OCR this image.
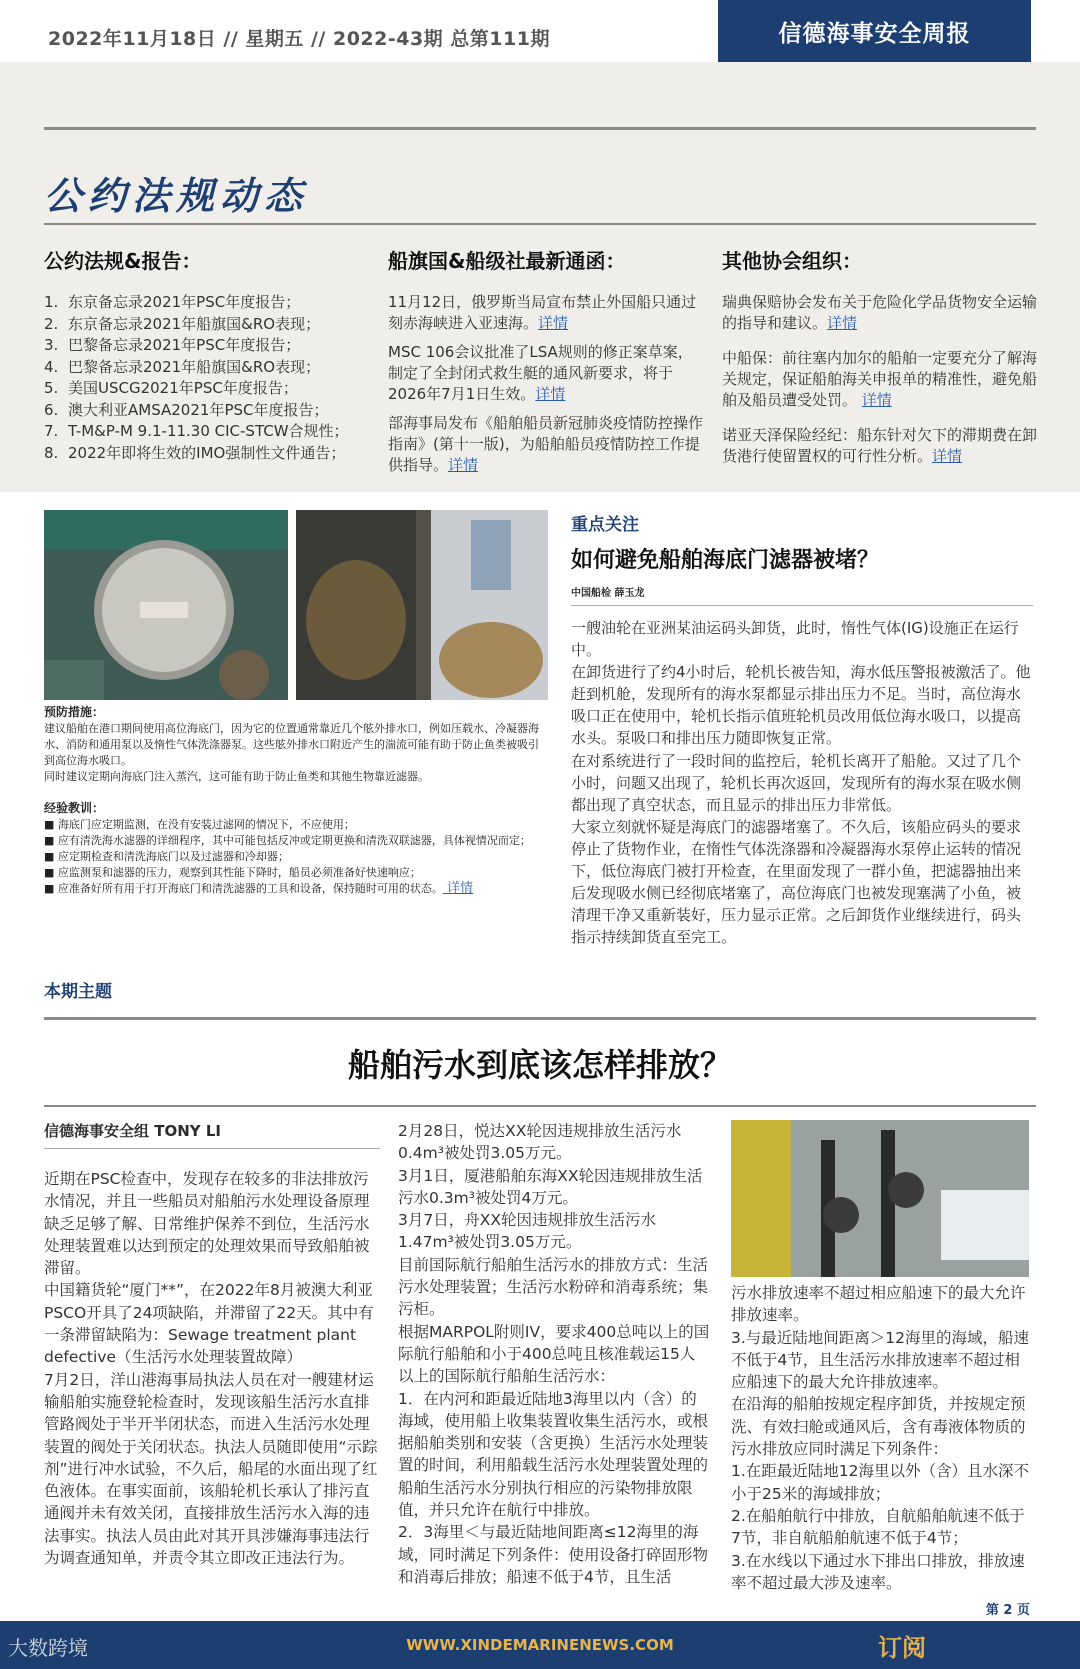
2022年11月18日 // 星期五 // 2022-43期 总第111期	信德海事安全周报
公约法规动态
公约法规&报告：
1. 东京备忘录2021年PSC年度报告；
2. 东京备忘录2021年船旗国&RO表现；
3. 巴黎备忘录2021年PSC年度报告；
4. 巴黎备忘录2021年船旗国&RO表现；
5. 美国USCG2021年PSC年度报告；
6. 澳大利亚AMSA2021年PSC年度报告；
7. T-M&P-M 9.1-11.30 CIC-STCW合规性；
8. 2022年即将生效的IMO强制性文件通告；
船旗国&船级社最新通函：
11月12日，俄罗斯当局宣布禁止外国船只通过刻赤海峡进入亚速海。详情
MSC 106会议批准了LSA规则的修正案草案，制定了全封闭式救生艇的通风新要求，将于2026年7月1日生效。详情
部海事局发布《船舶船员新冠肺炎疫情防控操作指南》(第十一版)，为船舶船员疫情防控工作提供指导。详情
其他协会组织：
瑞典保赔协会发布关于危险化学品货物安全运输的指导和建议。详情
中船保：前往塞内加尔的船舶一定要充分了解海关规定，保证船舶海关申报单的精准性，避免船舶及船员遭受处罚。 详情
诺亚天泽保险经纪：船东针对欠下的滞期费在卸货港行使留置权的可行性分析。详情
预防措施：
建议船舶在港口期间使用高位海底门，因为它的位置通常靠近几个舷外排水口，例如压载水、冷凝器海水、消防和通用泵以及惰性气体洗涤器泵。这些舷外排水口附近产生的湍流可能有助于防止鱼类被吸引到高位海水吸口。
同时建议定期向海底门注入蒸汽，这可能有助于防止鱼类和其他生物靠近滤器。
经验教训：
■ 海底门应定期监测，在没有安装过滤网的情况下，不应使用；
■ 应有清洗海水滤器的详细程序，其中可能包括反冲或定期更换和清洗双联滤器，具体视情况而定；
■ 应定期检查和清洗海底门以及过滤器和冷却器；
■ 应监测泵和滤器的压力，观察到其性能下降时，船员必须准备好快速响应；
■ 应准备好所有用于打开海底门和清洗滤器的工具和设备，保持随时可用的状态。 详情
重点关注
如何避免船舶海底门滤器被堵？
中国船检 薛玉龙
一艘油轮在亚洲某油运码头卸货，此时，惰性气体(IG)设施正在运行中。
在卸货进行了约4小时后，轮机长被告知，海水低压警报被激活了。他赶到机舱，发现所有的海水泵都显示排出压力不足。当时，高位海水吸口正在使用中，轮机长指示值班轮机员改用低位海水吸口，以提高水头。泵吸口和排出压力随即恢复正常。
在对系统进行了一段时间的监控后，轮机长离开了船舱。又过了几个小时，问题又出现了，轮机长再次返回，发现所有的海水泵在吸水侧都出现了真空状态，而且显示的排出压力非常低。
大家立刻就怀疑是海底门的滤器堵塞了。不久后，该船应码头的要求停止了货物作业，在惰性气体洗涤器和冷凝器海水泵停止运转的情况下，低位海底门被打开检查，在里面发现了一群小鱼，把滤器抽出来后发现吸水侧已经彻底堵塞了，高位海底门也被发现塞满了小鱼，被清理干净又重新装好，压力显示正常。之后卸货作业继续进行，码头指示持续卸货直至完工。
本期主题
船舶污水到底该怎样排放？
信德海事安全组 TONY LI
近期在PSC检查中，发现存在较多的非法排放污水情况，并且一些船员对船舶污水处理设备原理缺乏足够了解、日常维护保养不到位，生活污水处理装置难以达到预定的处理效果而导致船舶被滞留。
中国籍货轮“厦门**”，在2022年8月被澳大利亚PSCO开具了24项缺陷，并滞留了22天。其中有一条滞留缺陷为：Sewage treatment plant defective（生活污水处理装置故障）
7月2日，洋山港海事局执法人员在对一艘建材运输船舶实施登轮检查时，发现该船生活污水直排管路阀处于半开半闭状态，而进入生活污水处理装置的阀处于关闭状态。执法人员随即使用“示踪剂”进行冲水试验，不久后，船尾的水面出现了红色液体。在事实面前，该船轮机长承认了排污直通阀并未有效关闭，直接排放生活污水入海的违法事实。执法人员由此对其开具涉嫌海事违法行为调查通知单，并责令其立即改正违法行为。
2月28日，悦达XX轮因违规排放生活污水0.4m³被处罚3.05万元。
3月1日，厦港船舶东海XX轮因违规排放生活污水0.3m³被处罚4万元。
3月7日，舟XX轮因违规排放生活污水1.47m³被处罚3.05万元。
目前国际航行船舶生活污水的排放方式：生活污水处理装置；生活污水粉碎和消毒系统；集污柜。
根据MARPOL附则IV，要求400总吨以上的国际航行船舶和小于400总吨且核准载运15人以上的国际航行船舶生活污水：
1．在内河和距最近陆地3海里以内（含）的海域，使用船上收集装置收集生活污水，或根据船舶类别和安装（含更换）生活污水处理装置的时间，利用船载生活污水处理装置处理的船舶生活污水分别执行相应的污染物排放限值，并只允许在航行中排放。
2．3海里＜与最近陆地间距离≤12海里的海域，同时满足下列条件：使用设备打碎固形物和消毒后排放；船速不低于4节，且生活
污水排放速率不超过相应船速下的最大允许排放速率。
3.与最近陆地间距离＞12海里的海域，船速不低于4节，且生活污水排放速率不超过相应船速下的最大允许排放速率。
在沿海的船舶按规定程序卸货，并按规定预洗、有效扫舱或通风后，含有毒液体物质的污水排放应同时满足下列条件：
1.在距最近陆地12海里以外（含）且水深不小于25米的海域排放；
2.在船舶航行中排放，自航船舶航速不低于7节，非自航船舶航速不低于4节；
3.在水线以下通过水下排出口排放，排放速率不超过最大涉及速率。
第 2 页
大数跨境	WWW.XINDEMARINENEWS.COM	订阅
